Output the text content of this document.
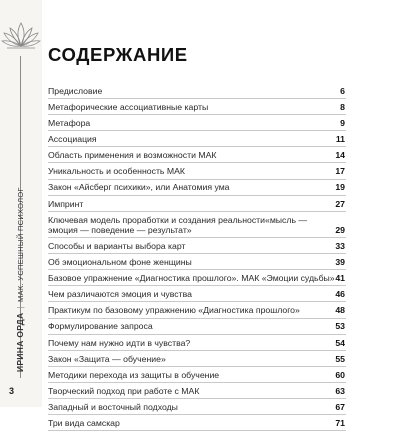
ИРИНА ОРДА|МАК. УСПЕШНЫЙ ПСИХОЛОГ
3
СОДЕРЖАНИЕ
Предисловие	6
Метафорические ассоциативные карты	8
Метафора	9
Ассоциация	11
Область применения и возможности МАК	14
Уникальность и особенность МАК	17
Закон «Айсберг психики», или Анатомия ума	19
Импринт	27
Ключевая модель проработки и создания реальности«мысль —
эмоция — поведение — результат»	29
Способы и варианты выбора карт	33
Об эмоциональном фоне женщины	39
Базовое упражнение «Диагностика прошлого». МАК «Эмоции судьбы» 41
Чем различаются эмоция и чувства	46
Практикум по базовому упражнению «Диагностика прошлого»	48
Формулирование запроса	53
Почему нам нужно идти в чувства?	54
Закон «Защита — обучение»	55
Методики перехода из защиты в обучение	60
Творческий подход при работе с МАК	63
Западный и восточный подходы	67
Три вида самскар	71
